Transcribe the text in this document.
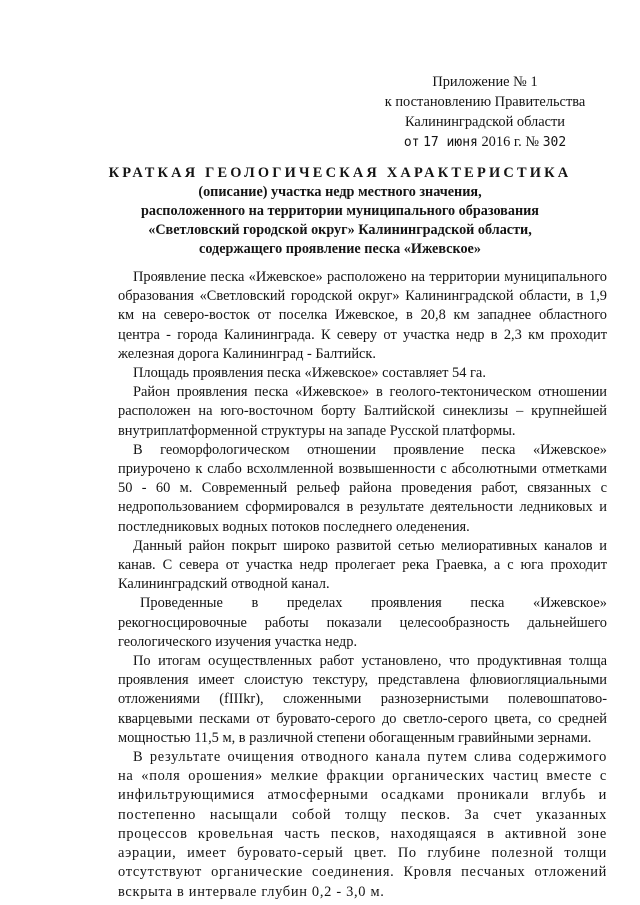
Приложение № 1
к постановлению Правительства
Калининградской области
от 17 июня 2016 г. № 302
КРАТКАЯ ГЕОЛОГИЧЕСКАЯ ХАРАКТЕРИСТИКА
(описание) участка недр местного значения,
расположенного на территории муниципального образования
«Светловский городской округ» Калининградской области,
содержащего проявление песка «Ижевское»

Проявление песка «Ижевское» расположено на территории муниципального образования «Светловский городской округ» Калининградской области, в 1,9 км на северо-восток от поселка Ижевское, в 20,8 км западнее областного центра - города Калининграда. К северу от участка недр в 2,3 км проходит железная дорога Калининград - Балтийск.

Площадь проявления песка «Ижевское» составляет 54 га.

Район проявления песка «Ижевское» в геолого-тектоническом отношении расположен на юго-восточном борту Балтийской синеклизы – крупнейшей внутриплатформенной структуры на западе Русской платформы.

В геоморфологическом отношении проявление песка «Ижевское» приурочено к слабо всхолмленной возвышенности с абсолютными отметками 50 - 60 м. Современный рельеф района проведения работ, связанных с недропользованием сформировался в результате деятельности ледниковых и постледниковых водных потоков последнего оледенения.

Данный район покрыт широко развитой сетью мелиоративных каналов и канав. С севера от участка недр пролегает река Граевка, а с юга проходит Калининградский отводной канал.

Проведенные в пределах проявления песка «Ижевское» рекогносцировочные работы показали целесообразность дальнейшего геологического изучения участка недр.

По итогам осуществленных работ установлено, что продуктивная толща проявления имеет слоистую текстуру, представлена флювиогляциальными отложениями (fIIIkr), сложенными разнозернистыми полевошпатово-кварцевыми песками от буровато-серого до светло-серого цвета, со средней мощностью 11,5 м, в различной степени обогащенным гравийными зернами.

В результате очищения отводного канала путем слива содержимого на «поля орошения» мелкие фракции органических частиц вместе с инфильтрующимися атмосферными осадками проникали вглубь и постепенно насыщали собой толщу песков. За счет указанных процессов кровельная часть песков, находящаяся в активной зоне аэрации, имеет буровато-серый цвет. По глубине полезной толщи отсутствуют органические соединения. Кровля песчаных отложений вскрыта в интервале глубин 0,2 - 3,0 м.
